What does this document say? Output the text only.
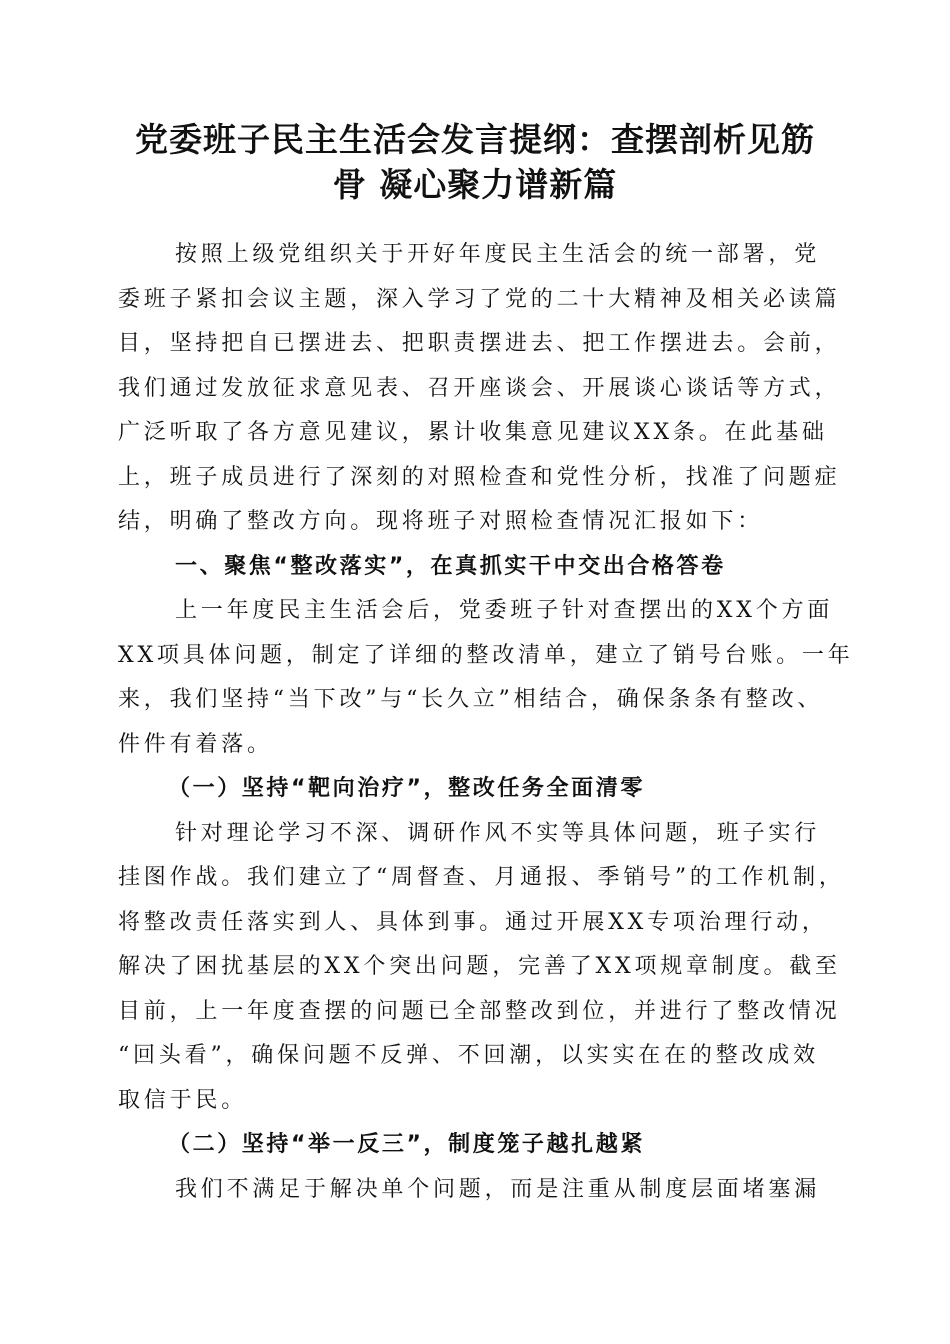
党委班子民主生活会发言提纲：查摆剖析见筋
骨 凝心聚力谱新篇
按照上级党组织关于开好年度民主生活会的统一部署，党
委班子紧扣会议主题，深入学习了党的二十大精神及相关必读篇
目，坚持把自已摆进去、把职责摆进去、把工作摆进去。会前，
我们通过发放征求意见表、召开座谈会、开展谈心谈话等方式，
广泛听取了各方意见建议，累计收集意见建议XX条。在此基础
上，班子成员进行了深刻的对照检查和党性分析，找准了问题症
结，明确了整改方向。现将班子对照检查情况汇报如下：
一、聚焦“整改落实”，在真抓实干中交出合格答卷
上一年度民主生活会后，党委班子针对查摆出的XX个方面
XX项具体问题，制定了详细的整改清单，建立了销号台账。一年
来，我们坚持“当下改”与“长久立”相结合，确保条条有整改、
件件有着落。
（一）坚持“靶向治疗”，整改任务全面清零
针对理论学习不深、调研作风不实等具体问题，班子实行
挂图作战。我们建立了“周督查、月通报、季销号”的工作机制，
将整改责任落实到人、具体到事。通过开展XX专项治理行动，
解决了困扰基层的XX个突出问题，完善了XX项规章制度。截至
目前，上一年度查摆的问题已全部整改到位，并进行了整改情况
“回头看”，确保问题不反弹、不回潮，以实实在在的整改成效
取信于民。
（二）坚持“举一反三”，制度笼子越扎越紧
我们不满足于解决单个问题，而是注重从制度层面堵塞漏
